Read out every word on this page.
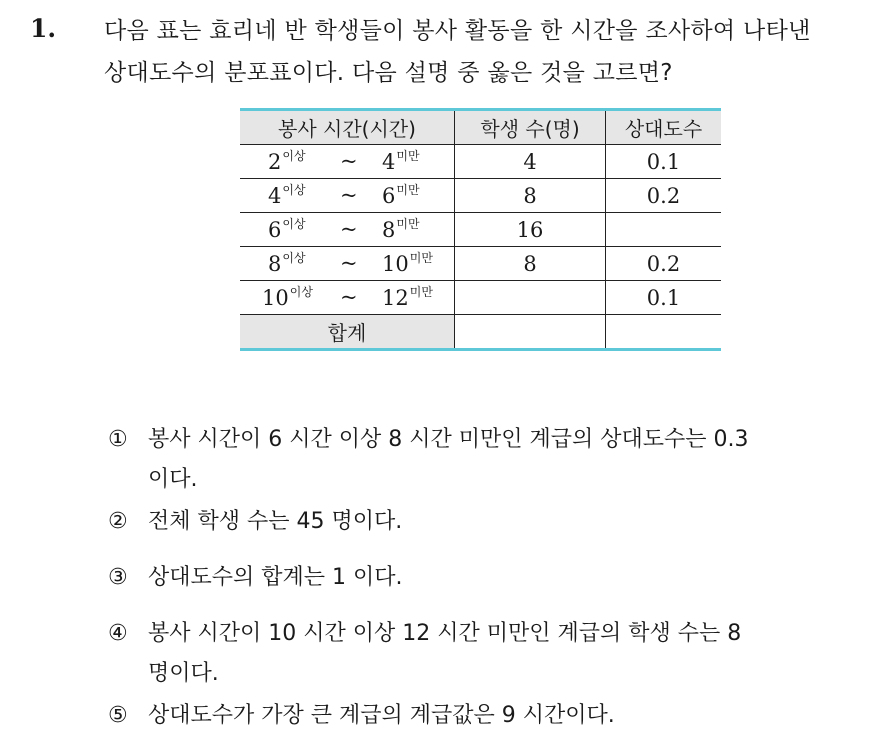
1. 다음 표는 효리네 반 학생들이 봉사 활동을 한 시간을 조사하여 나타낸
상대도수의 분포표이다. 다음 설명 중 옳은 것을 고르면?
봉사 시간(시간)	학생 수(명)	상대도수

$2^{이상}$ ~ $4^{미만}$	4	0.1

$4^{이상}$ ~ $6^{미만}$	8	0.2

$6^{이상}$ ~ $8^{미만}$	16	

$8^{이상}$ ~ $10^{미만}$	8	0.2

$10^{이상}$ ~ $12^{미만}$		0.1
합계		
① 봉사 시간이 6 시간 이상 8 시간 미만인 계급의 상대도수는 0.3
이다.
② 전체 학생 수는 45 명이다.
③ 상대도수의 합계는 1 이다.
④ 봉사 시간이 10 시간 이상 12 시간 미만인 계급의 학생 수는 8
명이다.
⑤ 상대도수가 가장 큰 계급의 계급값은 9 시간이다.
